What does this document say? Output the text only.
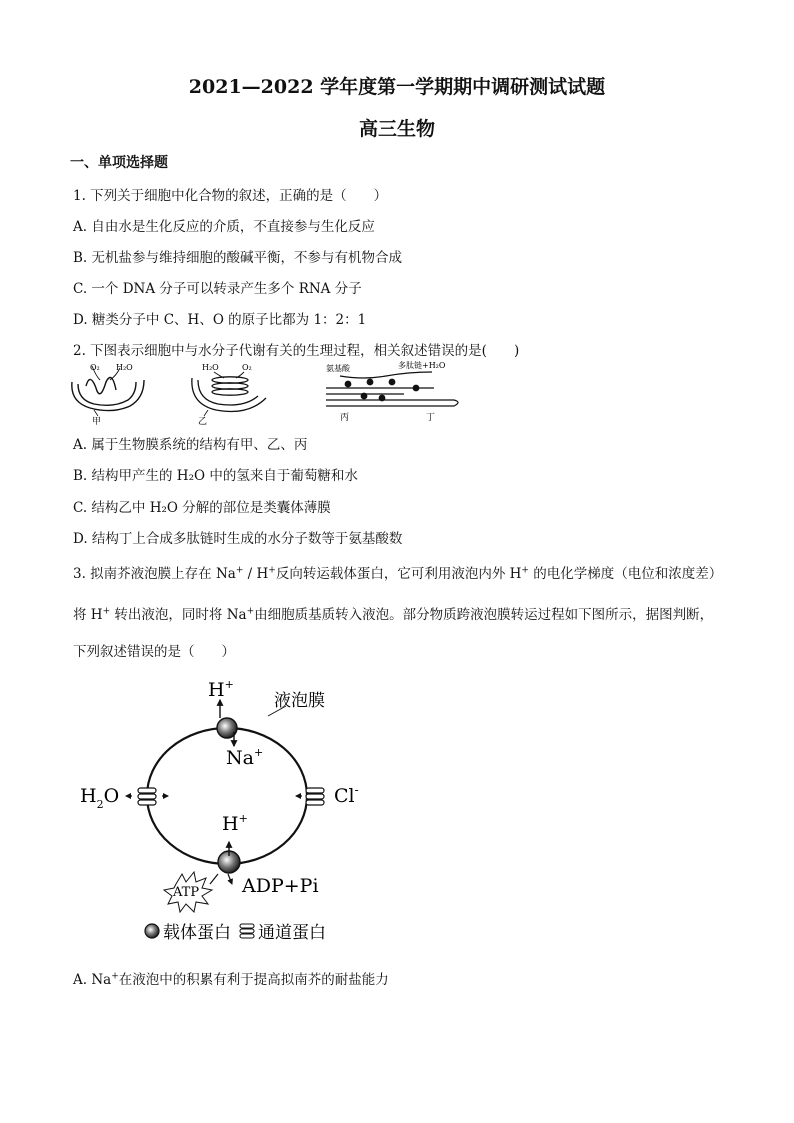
2021—2022 学年度第一学期期中调研测试试题
高三生物
一、单项选择题
1. 下列关于细胞中化合物的叙述，正确的是（　　）
A. 自由水是生化反应的介质，不直接参与生化反应
B. 无机盐参与维持细胞的酸碱平衡，不参与有机物合成
C. 一个 DNA 分子可以转录产生多个 RNA 分子
D. 糖类分子中 C、H、O 的原子比都为 1：2：1
2. 下图表示细胞中与水分子代谢有关的生理过程，相关叙述错误的是(　　)
O₂ H₂O
甲
H₂O	O₂
乙
氨基酸	多肽链+H₂O
丙	丁
A. 属于生物膜系统的结构有甲、乙、丙
B. 结构甲产生的 H₂O 中的氢来自于葡萄糖和水
C. 结构乙中 H₂O 分解的部位是类囊体薄膜
D. 结构丁上合成多肽链时生成的水分子数等于氨基酸数
3. 拟南芥液泡膜上存在 Na+ / H+反向转运载体蛋白，它可利用液泡内外 H+ 的电化学梯度（电位和浓度差）
将 H+ 转出液泡，同时将 Na+由细胞质基质转入液泡。部分物质跨液泡膜转运过程如下图所示，据图判断，
下列叙述错误的是（　　）
液泡膜
H+
Na+
$H_2O$	Cl-
H+
ATP ADP+Pi
载体蛋白 通道蛋白
A. Na+在液泡中的积累有利于提高拟南芥的耐盐能力
